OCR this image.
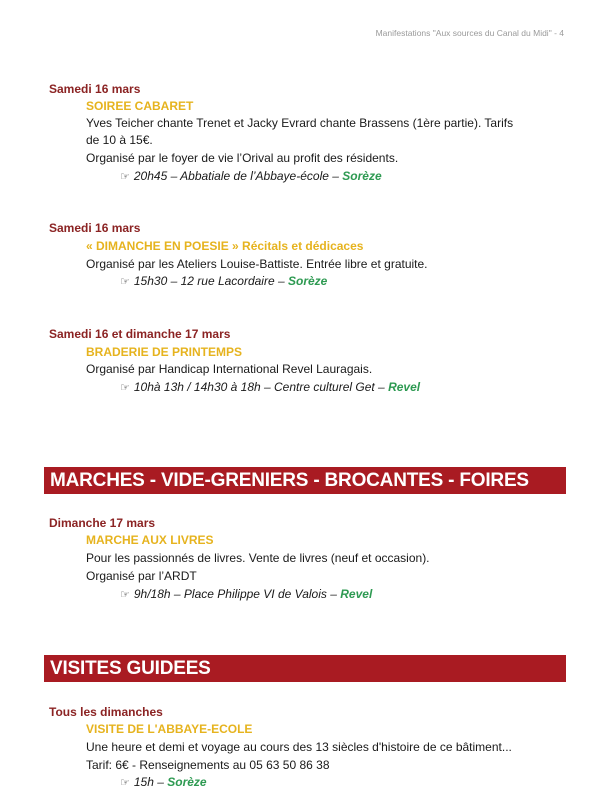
Manifestations "Aux sources du Canal du Midi" - 4
Samedi 16 mars
SOIREE CABARET
Yves Teicher chante Trenet et Jacky Evrard chante Brassens (1ère partie). Tarifs
de 10 à 15€.
Organisé par le foyer de vie l’Orival au profit des résidents.
☞ 20h45 – Abbatiale de l’Abbaye-école – Sorèze
Samedi 16 mars
« DIMANCHE EN POESIE » Récitals et dédicaces
Organisé par les Ateliers Louise-Battiste. Entrée libre et gratuite.
☞ 15h30 – 12 rue Lacordaire – Sorèze
Samedi 16 et dimanche 17 mars
BRADERIE DE PRINTEMPS
Organisé par Handicap International Revel Lauragais.
☞ 10hà 13h / 14h30 à 18h – Centre culturel Get – Revel
MARCHES - VIDE-GRENIERS - BROCANTES - FOIRES
Dimanche 17 mars
MARCHE AUX LIVRES
Pour les passionnés de livres. Vente de livres (neuf et occasion).
Organisé par l’ARDT
☞ 9h/18h – Place Philippe VI de Valois – Revel
VISITES GUIDEES
Tous les dimanches
VISITE DE L'ABBAYE-ECOLE
Une heure et demi et voyage au cours des 13 siècles d'histoire de ce bâtiment...
Tarif: 6€ - Renseignements au 05 63 50 86 38
☞ 15h – Sorèze
